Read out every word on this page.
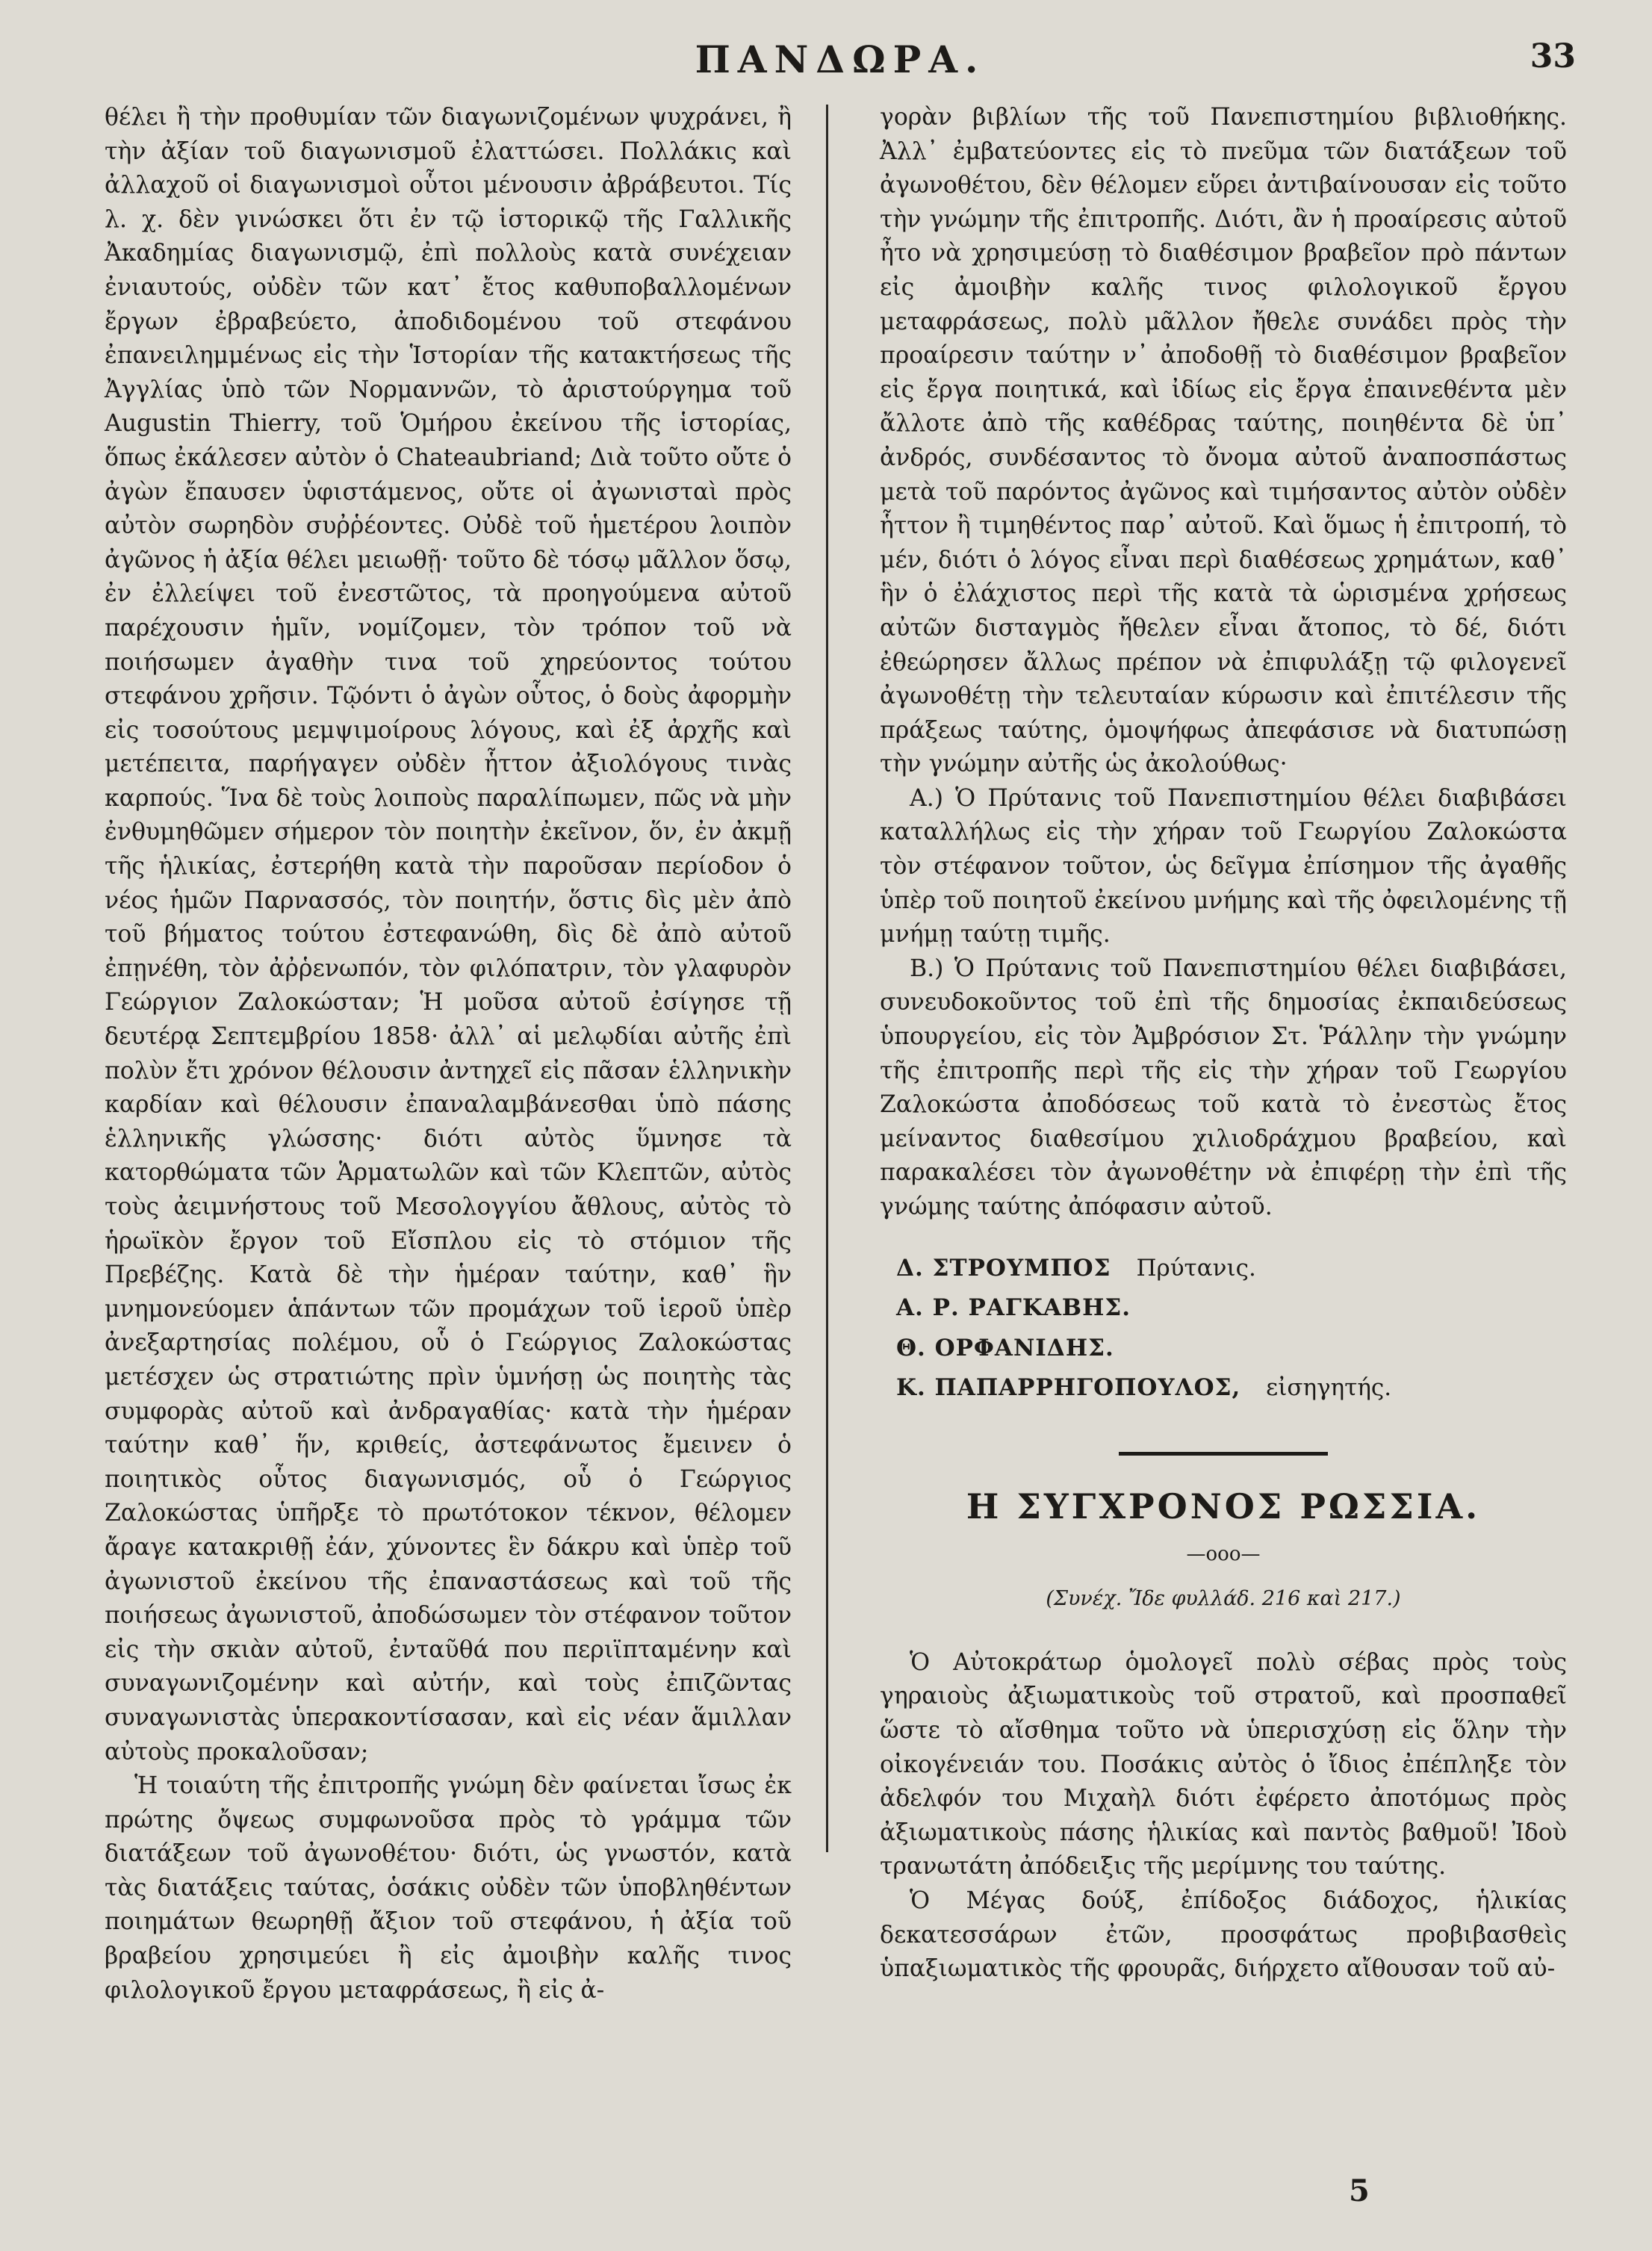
ΠΑΝΔΩΡΑ.	33

θέλει ἢ τὴν προθυμίαν τῶν διαγωνιζομένων ψυχράνει, ἢ τὴν ἀξίαν τοῦ διαγωνισμοῦ ἐλαττώσει. Πολλάκις καὶ ἀλλαχοῦ οἱ διαγωνισμοὶ οὗτοι μένουσιν ἀβράβευτοι. Τίς λ. χ. δὲν γινώσκει ὅτι ἐν τῷ ἱστορικῷ τῆς Γαλλικῆς Ἀκαδημίας διαγωνισμῷ, ἐπὶ πολλοὺς κατὰ συνέχειαν ἐνιαυτούς, οὐδὲν τῶν κατ᾽ ἔτος καθυποβαλλομένων ἔργων ἐβραβεύετο, ἀποδιδομένου τοῦ στεφάνου ἐπανειλημμένως εἰς τὴν Ἱστορίαν τῆς κατακτήσεως τῆς Ἀγγλίας ὑπὸ τῶν Νορμαννῶν, τὸ ἀριστούργημα τοῦ Augustin Thierry, τοῦ Ὁμήρου ἐκείνου τῆς ἱστορίας, ὅπως ἐκάλεσεν αὐτὸν ὁ Chateaubriand; Διὰ τοῦτο οὔτε ὁ ἀγὼν ἔπαυσεν ὑφιστάμενος, οὔτε οἱ ἀγωνισταὶ πρὸς αὐτὸν σωρηδὸν συῤῥέοντες. Οὐδὲ τοῦ ἡμετέρου λοιπὸν ἀγῶνος ἡ ἀξία θέλει μειωθῇ· τοῦτο δὲ τόσῳ μᾶλλον ὅσῳ, ἐν ἐλλείψει τοῦ ἐνεστῶτος, τὰ προηγούμενα αὐτοῦ παρέχουσιν ἡμῖν, νομίζομεν, τὸν τρόπον τοῦ νὰ ποιήσωμεν ἀγαθὴν τινα τοῦ χηρεύοντος τούτου στεφάνου χρῆσιν. Τῷόντι ὁ ἀγὼν οὗτος, ὁ δοὺς ἀφορμὴν εἰς τοσούτους μεμψιμοίρους λόγους, καὶ ἐξ ἀρχῆς καὶ μετέπειτα, παρήγαγεν οὐδὲν ἧττον ἀξιολόγους τινὰς καρπούς. Ἵνα δὲ τοὺς λοιποὺς παραλίπωμεν, πῶς νὰ μὴν ἐνθυμηθῶμεν σήμερον τὸν ποιητὴν ἐκεῖνον, ὅν, ἐν ἀκμῇ τῆς ἡλικίας, ἐστερήθη κατὰ τὴν παροῦσαν περίοδον ὁ νέος ἡμῶν Παρνασσός, τὸν ποιητήν, ὅστις δὶς μὲν ἀπὸ τοῦ βήματος τούτου ἐστεφανώθη, δὶς δὲ ἀπὸ αὐτοῦ ἐπῃνέθη, τὸν ἀῤῥενωπόν, τὸν φιλόπατριν, τὸν γλαφυρὸν Γεώργιον Ζαλοκώσταν; Ἡ μοῦσα αὐτοῦ ἐσίγησε τῇ δευτέρᾳ Σεπτεμβρίου 1858· ἀλλ᾽ αἱ μελῳδίαι αὐτῆς ἐπὶ πολὺν ἔτι χρόνον θέλουσιν ἀντηχεῖ εἰς πᾶσαν ἑλληνικὴν καρδίαν καὶ θέλουσιν ἐπαναλαμβάνεσθαι ὑπὸ πάσης ἑλληνικῆς γλώσσης· διότι αὐτὸς ὕμνησε τὰ κατορθώματα τῶν Ἁρματωλῶν καὶ τῶν Κλεπτῶν, αὐτὸς τοὺς ἀειμνήστους τοῦ Μεσολογγίου ἄθλους, αὐτὸς τὸ ἡρωϊκὸν ἔργον τοῦ Εἴσπλου εἰς τὸ στόμιον τῆς Πρεβέζης. Κατὰ δὲ τὴν ἡμέραν ταύτην, καθ᾽ ἣν μνημονεύομεν ἁπάντων τῶν προμάχων τοῦ ἱεροῦ ὑπὲρ ἀνεξαρτησίας πολέμου, οὗ ὁ Γεώργιος Ζαλοκώστας μετέσχεν ὡς στρατιώτης πρὶν ὑμνήσῃ ὡς ποιητὴς τὰς συμφορὰς αὐτοῦ καὶ ἀνδραγαθίας· κατὰ τὴν ἡμέραν ταύτην καθ᾽ ἥν, κριθείς, ἀστεφάνωτος ἔμεινεν ὁ ποιητικὸς οὗτος διαγωνισμός, οὗ ὁ Γεώργιος Ζαλοκώστας ὑπῆρξε τὸ πρωτότοκον τέκνον, θέλομεν ἄραγε κατακριθῇ ἐάν, χύνοντες ἓν δάκρυ καὶ ὑπὲρ τοῦ ἀγωνιστοῦ ἐκείνου τῆς ἐπαναστάσεως καὶ τοῦ τῆς ποιήσεως ἀγωνιστοῦ, ἀποδώσωμεν τὸν στέφανον τοῦτον εἰς τὴν σκιὰν αὐτοῦ, ἐνταῦθά που περιϊπταμένην καὶ συναγωνιζομένην καὶ αὐτήν, καὶ τοὺς ἐπιζῶντας συναγωνιστὰς ὑπερακοντίσασαν, καὶ εἰς νέαν ἅμιλλαν αὐτοὺς προκαλοῦσαν;

Ἡ τοιαύτη τῆς ἐπιτροπῆς γνώμη δὲν φαίνεται ἴσως ἐκ πρώτης ὄψεως συμφωνοῦσα πρὸς τὸ γράμμα τῶν διατάξεων τοῦ ἀγωνοθέτου· διότι, ὡς γνωστόν, κατὰ τὰς διατάξεις ταύτας, ὁσάκις οὐδὲν τῶν ὑποβληθέντων ποιημάτων θεωρηθῇ ἄξιον τοῦ στεφάνου, ἡ ἀξία τοῦ βραβείου χρησιμεύει ἢ εἰς ἀμοιβὴν καλῆς τινος φιλολογικοῦ ἔργου μεταφράσεως, ἢ εἰς ἀ-

γορὰν βιβλίων τῆς τοῦ Πανεπιστημίου βιβλιοθήκης. Ἀλλ᾽ ἐμβατεύοντες εἰς τὸ πνεῦμα τῶν διατάξεων τοῦ ἀγωνοθέτου, δὲν θέλομεν εὕρει ἀντιβαίνουσαν εἰς τοῦτο τὴν γνώμην τῆς ἐπιτροπῆς. Διότι, ἂν ἡ προαίρεσις αὐτοῦ ἦτο νὰ χρησιμεύσῃ τὸ διαθέσιμον βραβεῖον πρὸ πάντων εἰς ἀμοιβὴν καλῆς τινος φιλολογικοῦ ἔργου μεταφράσεως, πολὺ μᾶλλον ἤθελε συνάδει πρὸς τὴν προαίρεσιν ταύτην ν᾽ ἀποδοθῇ τὸ διαθέσιμον βραβεῖον εἰς ἔργα ποιητικά, καὶ ἰδίως εἰς ἔργα ἐπαινεθέντα μὲν ἄλλοτε ἀπὸ τῆς καθέδρας ταύτης, ποιηθέντα δὲ ὑπ᾽ ἀνδρός, συνδέσαντος τὸ ὄνομα αὐτοῦ ἀναποσπάστως μετὰ τοῦ παρόντος ἀγῶνος καὶ τιμήσαντος αὐτὸν οὐδὲν ἧττον ἢ τιμηθέντος παρ᾽ αὐτοῦ. Καὶ ὅμως ἡ ἐπιτροπή, τὸ μέν, διότι ὁ λόγος εἶναι περὶ διαθέσεως χρημάτων, καθ᾽ ἣν ὁ ἐλάχιστος περὶ τῆς κατὰ τὰ ὡρισμένα χρήσεως αὐτῶν δισταγμὸς ἤθελεν εἶναι ἄτοπος, τὸ δέ, διότι ἐθεώρησεν ἄλλως πρέπον νὰ ἐπιφυλάξῃ τῷ φιλογενεῖ ἀγωνοθέτῃ τὴν τελευταίαν κύρωσιν καὶ ἐπιτέλεσιν τῆς πράξεως ταύτης, ὁμοψήφως ἀπεφάσισε νὰ διατυπώσῃ τὴν γνώμην αὐτῆς ὡς ἀκολούθως·

Α.) Ὁ Πρύτανις τοῦ Πανεπιστημίου θέλει διαβιβάσει καταλλήλως εἰς τὴν χήραν τοῦ Γεωργίου Ζαλοκώστα τὸν στέφανον τοῦτον, ὡς δεῖγμα ἐπίσημον τῆς ἀγαθῆς ὑπὲρ τοῦ ποιητοῦ ἐκείνου μνήμης καὶ τῆς ὀφειλομένης τῇ μνήμῃ ταύτῃ τιμῆς.

Β.) Ὁ Πρύτανις τοῦ Πανεπιστημίου θέλει διαβιβάσει, συνευδοκοῦντος τοῦ ἐπὶ τῆς δημοσίας ἐκπαιδεύσεως ὑπουργείου, εἰς τὸν Ἀμβρόσιον Στ. Ῥάλλην τὴν γνώμην τῆς ἐπιτροπῆς περὶ τῆς εἰς τὴν χήραν τοῦ Γεωργίου Ζαλοκώστα ἀποδόσεως τοῦ κατὰ τὸ ἐνεστὼς ἔτος μείναντος διαθεσίμου χιλιοδράχμου βραβείου, καὶ παρακαλέσει τὸν ἀγωνοθέτην νὰ ἐπιφέρῃ τὴν ἐπὶ τῆς γνώμης ταύτης ἀπόφασιν αὐτοῦ.

Δ. ΣΤΡΟΥΜΠΟΣ Πρύτανις.
Α. Ρ. ΡΑΓΚΑΒΗΣ.
Θ. ΟΡΦΑΝΙΔΗΣ.
Κ. ΠΑΠΑΡΡΗΓΟΠΟΥΛΟΣ, εἰσηγητής.
Η ΣΥΓΧΡΟΝΟΣ ΡΩΣΣΙΑ.
—ooo—
(Συνέχ. Ἴδε φυλλάδ. 216 καὶ 217.)

Ὁ Αὐτοκράτωρ ὁμολογεῖ πολὺ σέβας πρὸς τοὺς γηραιοὺς ἀξιωματικοὺς τοῦ στρατοῦ, καὶ προσπαθεῖ ὥστε τὸ αἴσθημα τοῦτο νὰ ὑπερισχύσῃ εἰς ὅλην τὴν οἰκογένειάν του. Ποσάκις αὐτὸς ὁ ἴδιος ἐπέπληξε τὸν ἀδελφόν του Μιχαὴλ διότι ἐφέρετο ἀποτόμως πρὸς ἀξιωματικοὺς πάσης ἡλικίας καὶ παντὸς βαθμοῦ! Ἰδοὺ τρανωτάτη ἀπόδειξις τῆς μερίμνης του ταύτης.

Ὁ Μέγας δούξ, ἐπίδοξος διάδοχος, ἡλικίας δεκατεσσάρων ἐτῶν, προσφάτως προβιβασθεὶς ὑπαξιωματικὸς τῆς φρουρᾶς, διήρχετο αἴθουσαν τοῦ αὐ-

5
